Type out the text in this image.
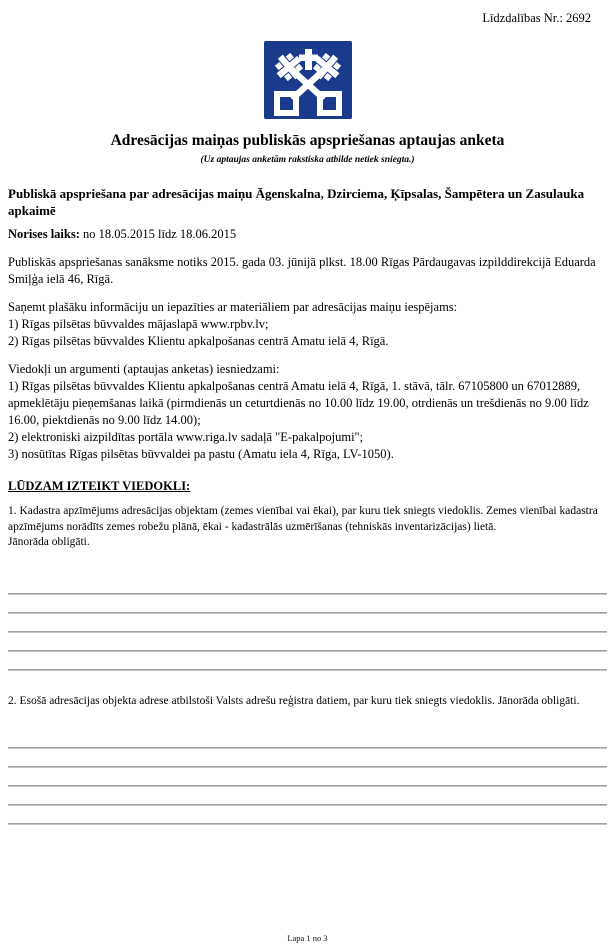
Līdzdalības Nr.: 2692
Adresācijas maiņas publiskās apspriešanas aptaujas anketa
(Uz aptaujas anketām rakstiska atbilde netiek sniegta.)
Publiskā apspriešana par adresācijas maiņu Āgenskalna, Dzirciema, Ķīpsalas, Šampētera un Zasulauka apkaimē

Norises laiks: no 18.05.2015 līdz 18.06.2015

Publiskās apspriešanas sanāksme notiks 2015. gada 03. jūnijā plkst. 18.00 Rīgas Pārdaugavas izpilddirekcijā Eduarda Smiļģa ielā 46, Rīgā.

Saņemt plašāku informāciju un iepazīties ar materiāliem par adresācijas maiņu iespējams:
1) Rīgas pilsētas būvvaldes mājaslapā www.rpbv.lv;
2) Rīgas pilsētas būvvaldes Klientu apkalpošanas centrā Amatu ielā 4, Rīgā.
Viedokļi un argumenti (aptaujas anketas) iesniedzami:
1) Rīgas pilsētas būvvaldes Klientu apkalpošanas centrā Amatu ielā 4, Rīgā, 1. stāvā, tālr. 67105800 un 67012889, apmeklētāju pieņemšanas laikā (pirmdienās un ceturtdienās no 10.00 līdz 19.00, otrdienās un trešdienās no 9.00 līdz 16.00, piektdienās no 9.00 līdz 14.00);
2) elektroniski aizpildītas portāla www.riga.lv sadaļā "E-pakalpojumi";
3) nosūtītas Rīgas pilsētas būvvaldei pa pastu (Amatu iela 4, Rīga, LV-1050).
LŪDZAM IZTEIKT VIEDOKLI:
1. Kadastra apzīmējums adresācijas objektam (zemes vienībai vai ēkai), par kuru tiek sniegts viedoklis. Zemes vienībai kadastra apzīmējums norādīts zemes robežu plānā, ēkai - kadastrālās uzmērīšanas (tehniskās inventarizācijas) lietā.
Jānorāda obligāti.
2. Esošā adresācijas objekta adrese atbilstoši Valsts adrešu reģistra datiem, par kuru tiek sniegts viedoklis. Jānorāda obligāti.
Lapa 1 no 3
